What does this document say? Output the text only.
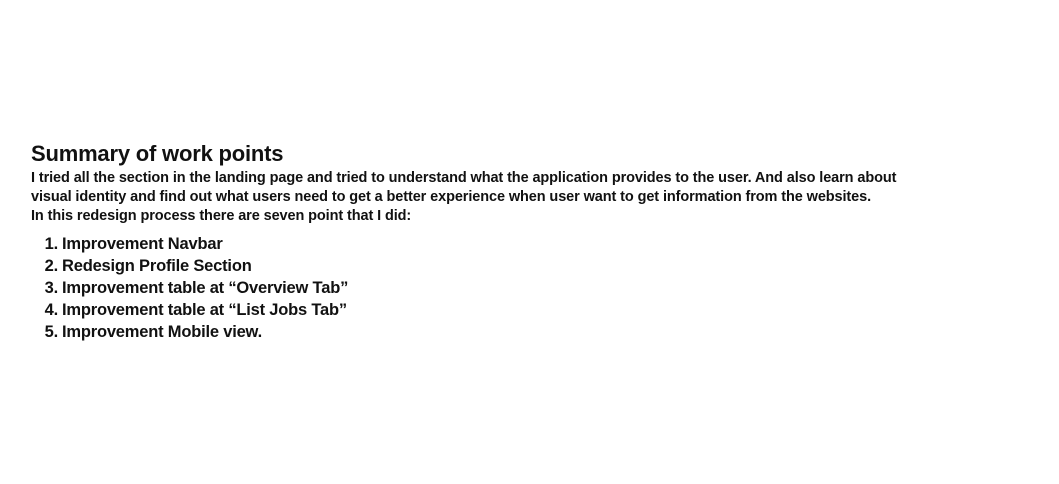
Summary of work points
I tried all the section in the landing page and tried to understand what the application provides to the user. And also learn about
visual identity and find out what users need to get a better experience when user want to get information from the websites.
In this redesign process there are seven point that I did:
1. Improvement Navbar
2. Redesign Profile Section
3. Improvement table at “Overview Tab”
4. Improvement table at “List Jobs Tab”
5. Improvement Mobile view.
